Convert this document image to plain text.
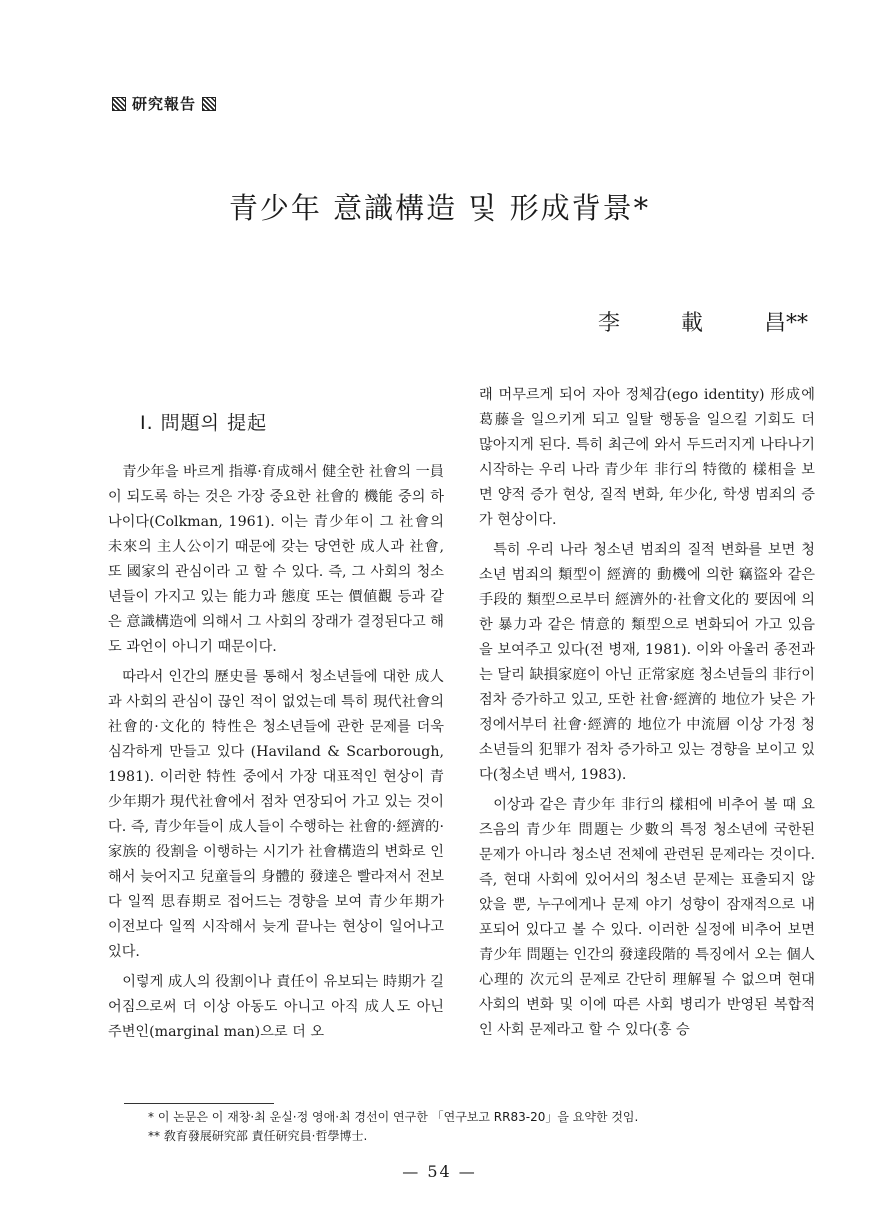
研究報告
青少年 意識構造 및 形成背景*
李	載	昌**
Ⅰ. 問題의 提起

青少年을 바르게 指導·育成해서 健全한 社會의 一員이 되도록 하는 것은 가장 중요한 社會的 機能 중의 하나이다(Colkman, 1961). 이는 青少年이 그 社會의 未來의 主人公이기 때문에 갖는 당연한 成人과 社會, 또 國家의 관심이라 고 할 수 있다. 즉, 그 사회의 청소년들이 가지고 있는 能力과 態度 또는 價値觀 등과 같은 意識構造에 의해서 그 사회의 장래가 결정된다고 해도 과언이 아니기 때문이다.

따라서 인간의 歷史를 통해서 청소년들에 대한 成人과 사회의 관심이 끊인 적이 없었는데 특히 現代社會의 社會的·文化的 特性은 청소년들에 관한 문제를 더욱 심각하게 만들고 있다 (Haviland & Scarborough, 1981). 이러한 特性 중에서 가장 대표적인 현상이 青少年期가 現代社會에서 점차 연장되어 가고 있는 것이다. 즉, 青少年들이 成人들이 수행하는 社會的·經濟的·家族的 役割을 이행하는 시기가 社會構造의 변화로 인해서 늦어지고 兒童들의 身體的 發達은 빨라져서 전보다 일찍 思春期로 접어드는 경향을 보여 青少年期가 이전보다 일찍 시작해서 늦게 끝나는 현상이 일어나고 있다.

이렇게 成人의 役割이나 責任이 유보되는 時期가 길어짐으로써 더 이상 아동도 아니고 아직 成人도 아닌 주변인(marginal man)으로 더 오

래 머무르게 되어 자아 정체감(ego identity) 形成에 葛藤을 일으키게 되고 일탈 행동을 일으킬 기회도 더 많아지게 된다. 특히 최근에 와서 두드러지게 나타나기 시작하는 우리 나라 青少年 非行의 特徵的 樣相을 보면 양적 증가 현상, 질적 변화, 年少化, 학생 범죄의 증가 현상이다.

특히 우리 나라 청소년 범죄의 질적 변화를 보면 청소년 범죄의 類型이 經濟的 動機에 의한 竊盜와 같은 手段的 類型으로부터 經濟外的·社會文化的 要因에 의한 暴力과 같은 情意的 類型으로 변화되어 가고 있음을 보여주고 있다(전 병재, 1981). 이와 아울러 종전과는 달리 缺損家庭이 아닌 正常家庭 청소년들의 非行이 점차 증가하고 있고, 또한 社會·經濟的 地位가 낮은 가정에서부터 社會·經濟的 地位가 中流層 이상 가정 청소년들의 犯罪가 점차 증가하고 있는 경향을 보이고 있다(청소년 백서, 1983).

이상과 같은 青少年 非行의 樣相에 비추어 볼 때 요즈음의 青少年 問題는 少數의 특정 청소년에 국한된 문제가 아니라 청소년 전체에 관련된 문제라는 것이다. 즉, 현대 사회에 있어서의 청소년 문제는 표출되지 않았을 뿐, 누구에게나 문제 야기 성향이 잠재적으로 내포되어 있다고 볼 수 있다. 이러한 실정에 비추어 보면 青少年 問題는 인간의 發達段階的 특징에서 오는 個人心理的 次元의 문제로 간단히 理解될 수 없으며 현대 사회의 변화 및 이에 따른 사회 병리가 반영된 복합적인 사회 문제라고 할 수 있다(홍 승

* 이 논문은 이 재창·최 운실·정 영애·최 경선이 연구한 「연구보고 RR83-20」을 요약한 것임.
** 敎育發展研究部 責任研究員·哲學博士.
— 54 —
